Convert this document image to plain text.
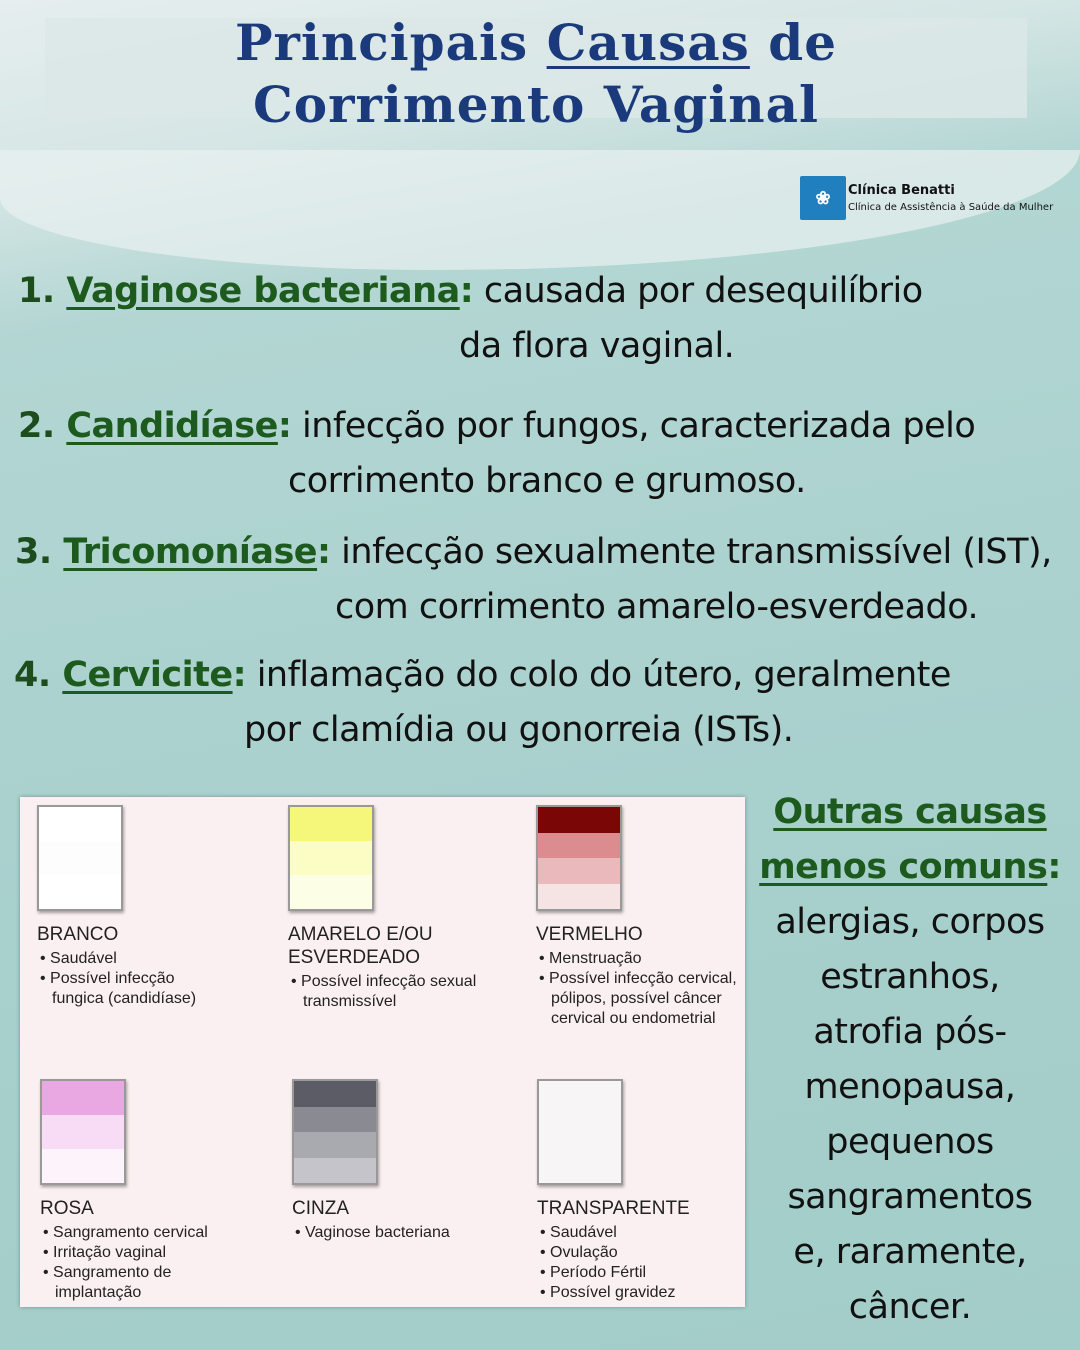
Principais Causas de
Corrimento Vaginal
❀	Clínica Benatti
Clínica de Assistência à Saúde da Mulher
1. Vaginose bacteriana: causada por desequilíbrio
da flora vaginal.
2. Candidíase: infecção por fungos, caracterizada pelo
corrimento branco e grumoso.
3. Tricomoníase: infecção sexualmente transmissível (IST),
com corrimento amarelo-esverdeado.
4. Cervicite: inflamação do colo do útero, geralmente
por clamídia ou gonorreia (ISTs).
BRANCO
• Saudável
• Possível infecção fungica (candidíase)
AMARELO E/OU ESVERDEADO
• Possível infecção sexual transmissível
VERMELHO
• Menstruação
• Possível infecção cervical, pólipos, possível câncer cervical ou endometrial
ROSA
• Sangramento cervical
• Irritação vaginal
• Sangramento de implantação
CINZA
• Vaginose bacteriana
TRANSPARENTE
• Saudável
• Ovulação
• Período Fértil
• Possível gravidez
Outras causas
menos comuns:
alergias, corpos
estranhos,
atrofia pós-
menopausa,
pequenos
sangramentos
e, raramente,
câncer.
